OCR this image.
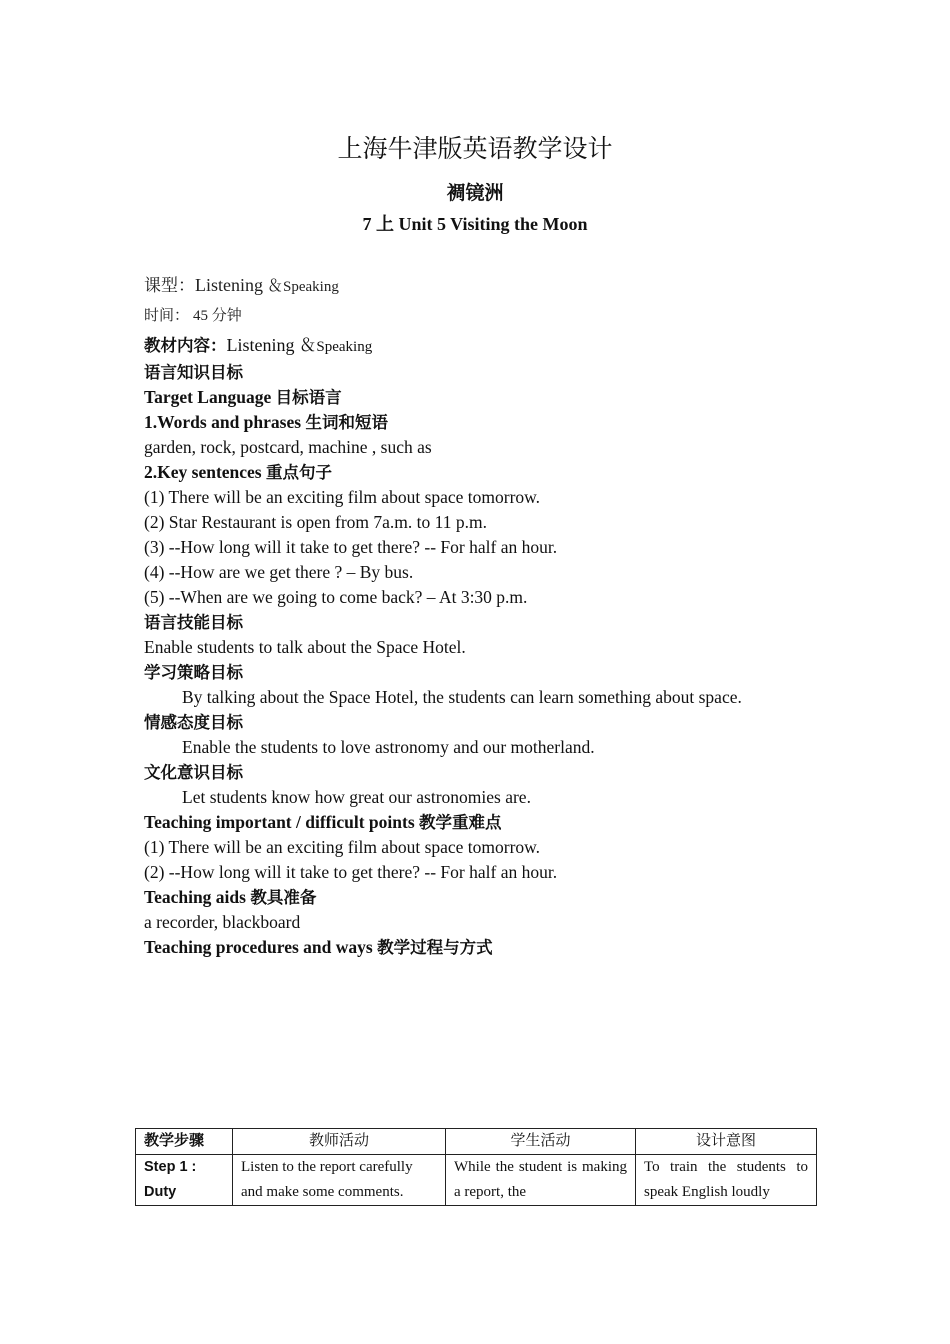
上海牛津版英语教学设计
裯镜洲
7 上 Unit 5 Visiting the Moon
课型：Listening ＆Speaking
时间： 45 分钟
教材内容：Listening ＆Speaking
语言知识目标
Target Language 目标语言
1.Words and phrases 生词和短语
garden, rock, postcard, machine , such as
2.Key sentences 重点句子
(1) There will be an exciting film about space tomorrow.
(2) Star Restaurant is open from 7a.m. to 11 p.m.
(3) --How long will it take to get there? -- For half an hour.
(4) --How are we get there ? – By bus.
(5) --When are we going to come back? – At 3:30 p.m.
语言技能目标
Enable students to talk about the Space Hotel.
学习策略目标
By talking about the Space Hotel, the students can learn something about space.
情感态度目标
Enable the students to love astronomy and our motherland.
文化意识目标
Let students know how great our astronomies are.
Teaching important / difficult points 教学重难点
(1) There will be an exciting film about space tomorrow.
(2) --How long will it take to get there? -- For half an hour.
Teaching aids 教具准备
a recorder, blackboard
Teaching procedures and ways 教学过程与方式
教学步骤	教师活动	学生活动	设计意图
Step 1 : Duty	Listen to the report carefully and make some comments.	While the student is making a report, the	To train the students to speak English loudly
